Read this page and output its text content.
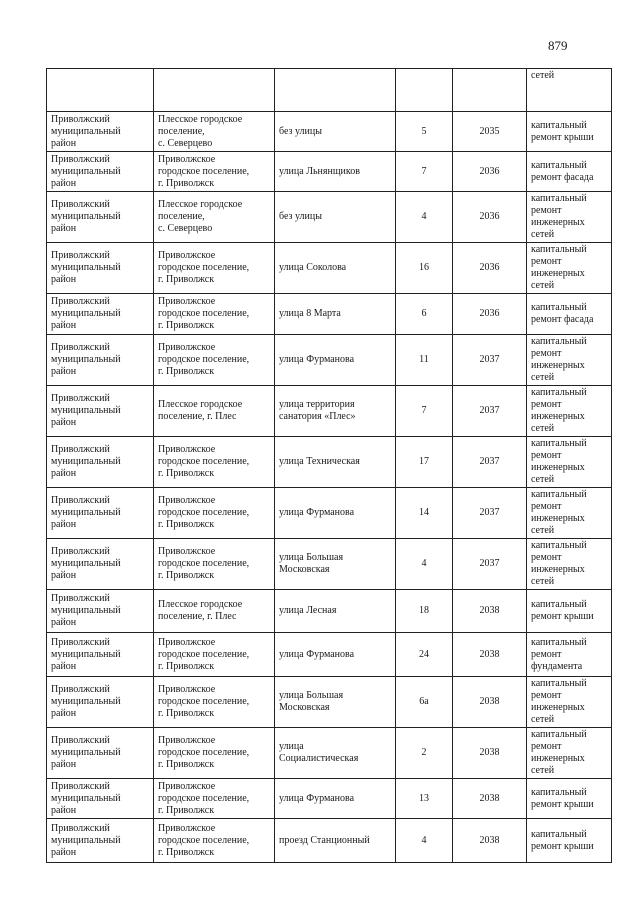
879

					сетей

Приволжский
муниципальный
район	Плесское городское
поселение,
с. Северцево	без улицы	5	2035	капитальный
ремонт крыши

Приволжский
муниципальный
район	Приволжское
городское поселение,
г. Приволжск	улица Льнянщиков	7	2036	капитальный
ремонт фасада

Приволжский
муниципальный
район	Плесское городское
поселение,
с. Северцево	без улицы	4	2036	капитальный
ремонт
инженерных
сетей

Приволжский
муниципальный
район	Приволжское
городское поселение,
г. Приволжск	улица Соколова	16	2036	капитальный
ремонт
инженерных
сетей

Приволжский
муниципальный
район	Приволжское
городское поселение,
г. Приволжск	улица 8 Марта	6	2036	капитальный
ремонт фасада

Приволжский
муниципальный
район	Приволжское
городское поселение,
г. Приволжск	улица Фурманова	11	2037	капитальный
ремонт
инженерных
сетей

Приволжский
муниципальный
район	Плесское городское
поселение, г. Плес	улица территория
санатория «Плес»	7	2037	капитальный
ремонт
инженерных
сетей

Приволжский
муниципальный
район	Приволжское
городское поселение,
г. Приволжск	улица Техническая	17	2037	капитальный
ремонт
инженерных
сетей

Приволжский
муниципальный
район	Приволжское
городское поселение,
г. Приволжск	улица Фурманова	14	2037	капитальный
ремонт
инженерных
сетей

Приволжский
муниципальный
район	Приволжское
городское поселение,
г. Приволжск	улица Большая
Московская	4	2037	капитальный
ремонт
инженерных
сетей

Приволжский
муниципальный
район	Плесское городское
поселение, г. Плес	улица Лесная	18	2038	капитальный
ремонт крыши

Приволжский
муниципальный
район	Приволжское
городское поселение,
г. Приволжск	улица Фурманова	24	2038	капитальный
ремонт
фундамента

Приволжский
муниципальный
район	Приволжское
городское поселение,
г. Приволжск	улица Большая
Московская	6а	2038	капитальный
ремонт
инженерных
сетей

Приволжский
муниципальный
район	Приволжское
городское поселение,
г. Приволжск	улица
Социалистическая	2	2038	капитальный
ремонт
инженерных
сетей

Приволжский
муниципальный
район	Приволжское
городское поселение,
г. Приволжск	улица Фурманова	13	2038	капитальный
ремонт крыши

Приволжский
муниципальный
район	Приволжское
городское поселение,
г. Приволжск	проезд Станционный	4	2038	капитальный
ремонт крыши
